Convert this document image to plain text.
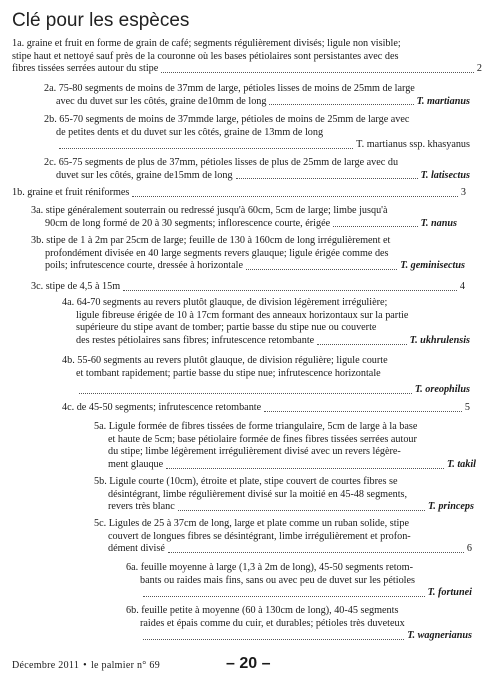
Clé pour les espèces
1a. graine et fruit en forme de grain de café; segments régulièrement divisés; ligule non visible;
stipe haut et nettoyé sauf près de la couronne où les bases pétiolaires sont persistantes avec des
fibres tissées serrées autour du stipe	2
2a. 75-80 segments de moins de 37mm de large, pétioles lisses de moins de 25mm de large
avec du duvet sur les côtés, graine de10mm de long	T. martianus
2b. 65-70 segments de moins de 37mmde large, pétioles de moins de 25mm de large avec
de petites dents et du duvet sur les côtés, graine de 13mm de long
T. martianus ssp. khasyanus
2c. 65-75 segments de plus de 37mm, pétioles lisses de plus de 25mm de large avec du
duvet sur les côtés, graine de15mm de long	T. latisectus
1b. graine et fruit réniformes	3
3a. stipe généralement souterrain ou redressé jusqu'à 60cm, 5cm de large; limbe jusqu'à
90cm de long formé de 20 à 30 segments; inflorescence courte, érigée	T. nanus
3b. stipe de 1 à 2m par 25cm de large; feuille de 130 à 160cm de long irrégulièrement et
profondément divisée en 40 large segments revers glauque; ligule érigée comme des
poils; infrutescence courte, dressée à horizontale	T. geminisectus
3c. stipe de 4,5 à 15m	4
4a. 64-70 segments au revers plutôt glauque, de division légèrement irrégulière;
ligule fibreuse érigée de 10 à 17cm formant des anneaux horizontaux sur la partie
supérieure du stipe avant de tomber; partie basse du stipe nue ou couverte
des restes pétiolaires sans fibres; infrutescence retombante	T. ukhrulensis
4b. 55-60 segments au revers plutôt glauque, de division régulière; ligule courte
et tombant rapidement; partie basse du stipe nue; infrutescence horizontale
T. oreophilus
4c. de 45-50 segments; infrutescence retombante	5
5a. Ligule formée de fibres tissées de forme triangulaire, 5cm de large à la base
et haute de 5cm; base pétiolaire formée de fines fibres tissées serrées autour
du stipe; limbe légèrement irrégulièrement divisé avec un revers légère-
ment glauque	T. takil
5b. Ligule courte (10cm), étroite et plate, stipe couvert de courtes fibres se
désintégrant, limbe régulièrement divisé sur la moitié en 45-48 segments,
revers très blanc	T. princeps
5c. Ligules de 25 à 37cm de long, large et plate comme un ruban solide, stipe
couvert de longues fibres se désintégrant, limbe irrégulièrement et profon-
dément divisé	6
6a. feuille moyenne à large (1,3 à 2m de long), 45-50 segments retom-
bants ou raides mais fins, sans ou avec peu de duvet sur les pétioles
T. fortunei
6b. feuille petite à moyenne (60 à 130cm de long), 40-45 segments
raides et épais comme du cuir, et durables; pétioles très duveteux
T. wagnerianus
Décembre 2011 • le palmier n° 69	– 20 –
